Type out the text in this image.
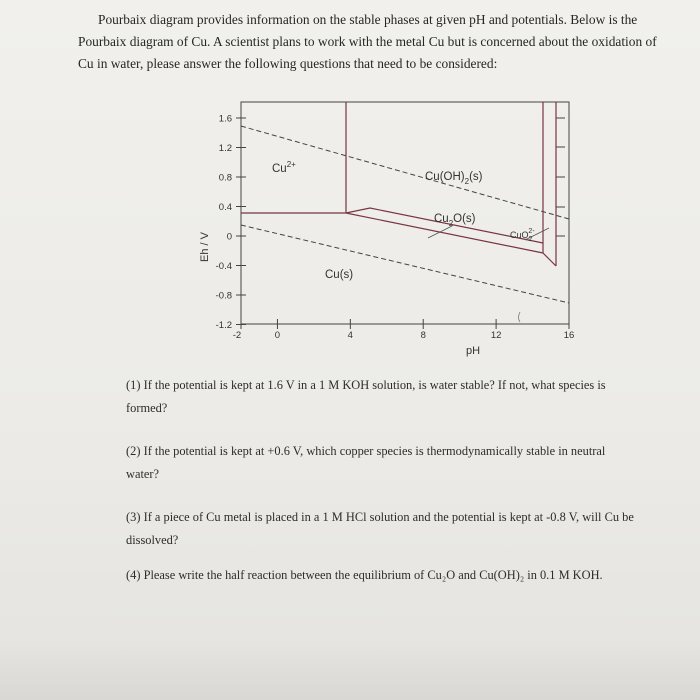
Pourbaix diagram provides information on the stable phases at given pH and potentials. Below is the Pourbaix diagram of Cu. A scientist plans to work with the metal Cu but is concerned about the oxidation of Cu in water, please answer the following questions that need to be considered:

1.6
1.2
0.8
0.4
0
-0.4
-0.8
-1.2
-2	0	4	8	12	16
$Cu^{2+}$
$Cu(OH)_2(s)$
$Cu_2O(s)$
CuO$_2$2-
Cu(s)
pH
Eh / V
(1) If the potential is kept at 1.6 V in a 1 M KOH solution, is water stable? If not, what species is formed?
(2) If the potential is kept at +0.6 V, which copper species is thermodynamically stable in neutral water?
(3) If a piece of Cu metal is placed in a 1 M HCl solution and the potential is kept at -0.8 V, will Cu be dissolved?
(4) Please write the half reaction between the equilibrium of Cu₂O and Cu(OH)₂ in 0.1 M KOH.
